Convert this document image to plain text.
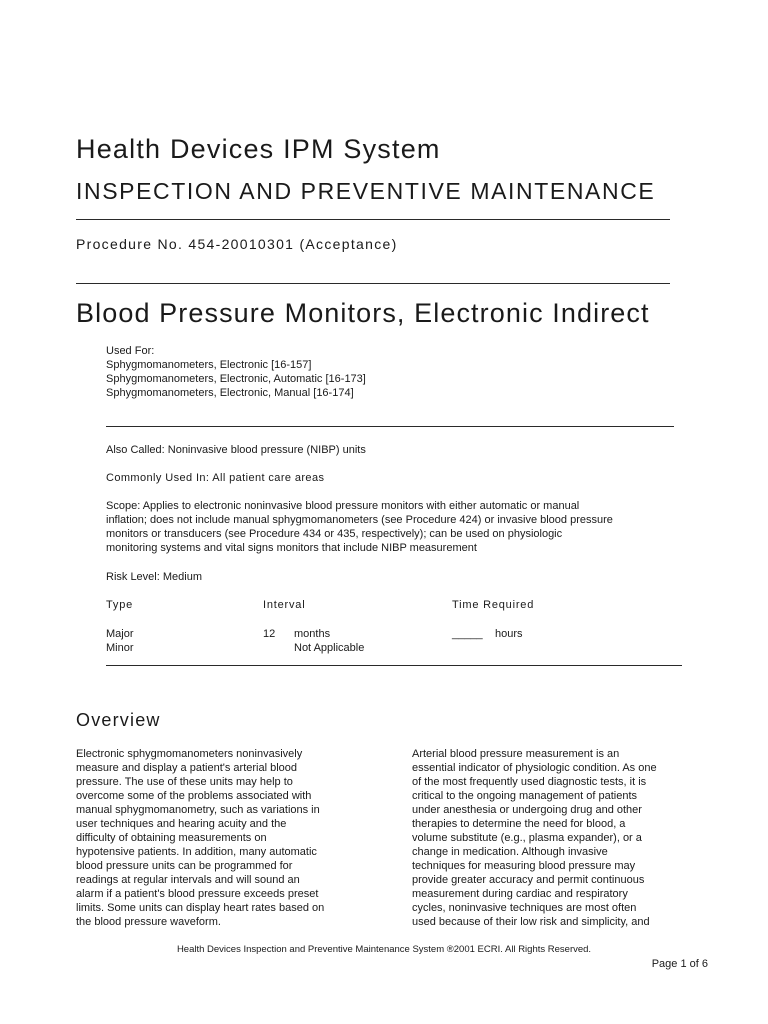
Health Devices IPM System
INSPECTION AND PREVENTIVE MAINTENANCE
Procedure No. 454-20010301 (Acceptance)
Blood Pressure Monitors, Electronic Indirect
Used For:
Sphygmomanometers, Electronic [16-157]
Sphygmomanometers, Electronic, Automatic [16-173]
Sphygmomanometers, Electronic, Manual [16-174]
Also Called: Noninvasive blood pressure (NIBP) units
Commonly Used In: All patient care areas
Scope: Applies to electronic noninvasive blood pressure monitors with either automatic or manual
inflation; does not include manual sphygmomanometers (see Procedure 424) or invasive blood pressure
monitors or transducers (see Procedure 434 or 435, respectively); can be used on physiologic
monitoring systems and vital signs monitors that include NIBP measurement
Risk Level: Medium
Type	Interval	Time Required
Major	12 months	_____ hours
Minor	Not Applicable
Overview
Electronic sphygmomanometers noninvasively
measure and display a patient's arterial blood
pressure. The use of these units may help to
overcome some of the problems associated with
manual sphygmomanometry, such as variations in
user techniques and hearing acuity and the
difficulty of obtaining measurements on
hypotensive patients. In addition, many automatic
blood pressure units can be programmed for
readings at regular intervals and will sound an
alarm if a patient's blood pressure exceeds preset
limits. Some units can display heart rates based on
the blood pressure waveform.
Arterial blood pressure measurement is an
essential indicator of physiologic condition. As one
of the most frequently used diagnostic tests, it is
critical to the ongoing management of patients
under anesthesia or undergoing drug and other
therapies to determine the need for blood, a
volume substitute (e.g., plasma expander), or a
change in medication. Although invasive
techniques for measuring blood pressure may
provide greater accuracy and permit continuous
measurement during cardiac and respiratory
cycles, noninvasive techniques are most often
used because of their low risk and simplicity, and
Health Devices Inspection and Preventive Maintenance System ®2001 ECRI. All Rights Reserved.
Page 1 of 6
